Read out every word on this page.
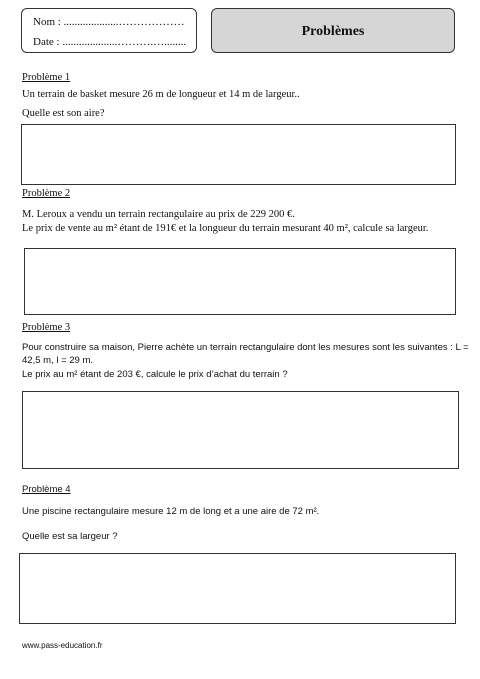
Nom : ....................………………
Date : ....................……….…........
Problèmes
Problème 1
Un terrain de basket mesure 26 m de longueur et 14 m de largeur..
Quelle est son aire?
Problème 2
M. Leroux a vendu un terrain rectangulaire au prix de 229 200 €.
Le prix de vente au m² étant de 191€ et la longueur du terrain mesurant 40 m², calcule sa largeur.
Problème 3
Pour construire sa maison, Pierre achète un terrain rectangulaire dont les mesures sont les suivantes : L =
42,5 m, l = 29 m.
Le prix au m² étant de 203 €, calcule le prix d’achat du terrain ?
Problème 4
Une piscine rectangulaire mesure 12 m de long et a une aire de 72 m².
Quelle est sa largeur ?
www.pass-education.fr
